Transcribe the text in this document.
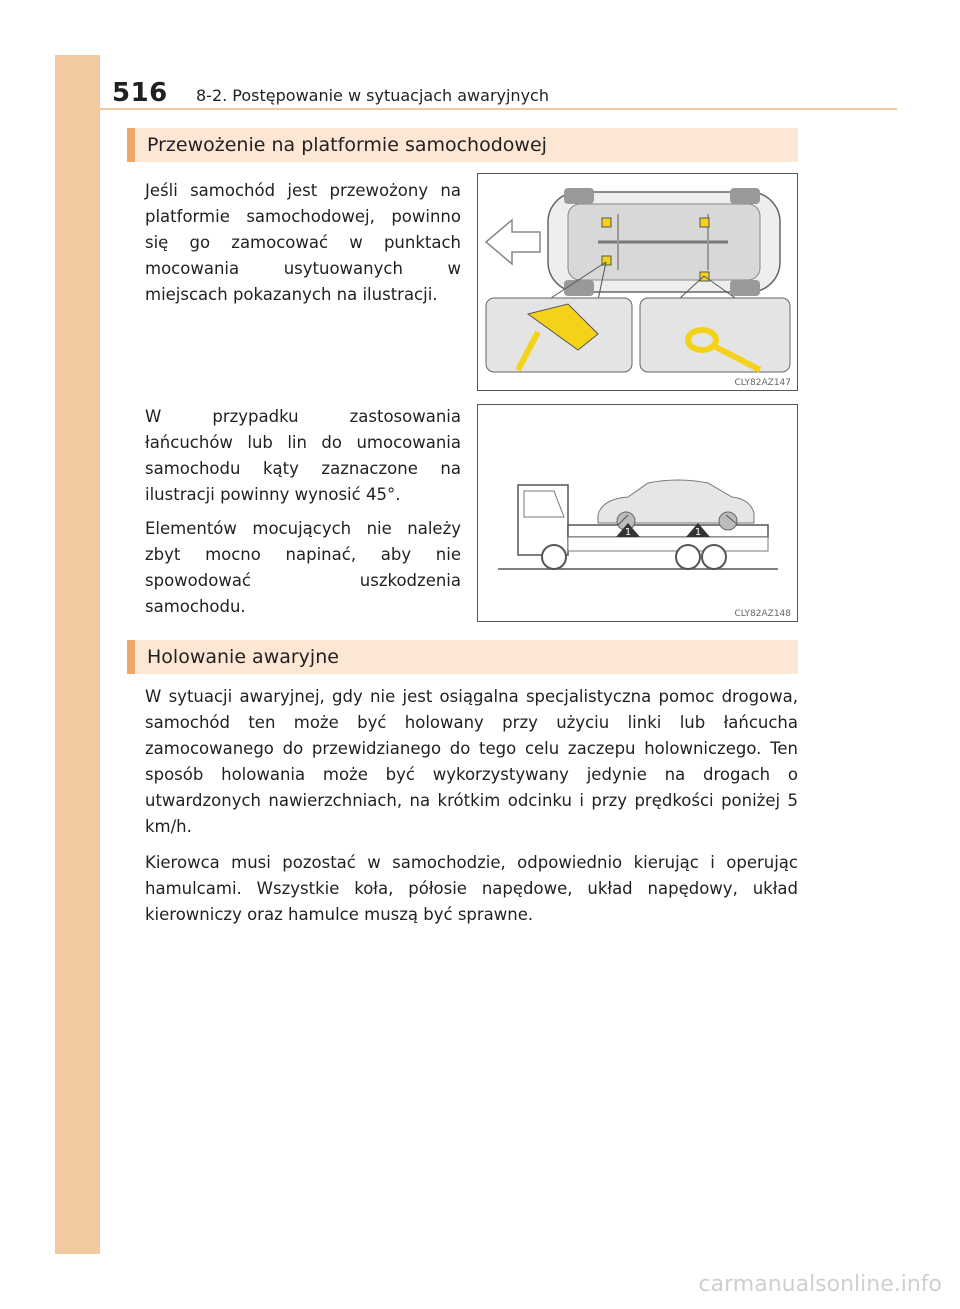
516 8-2. Postępowanie w sytuacjach awaryjnych
Przewożenie na platformie samochodowej

Jeśli samochód jest przewożony na platformie samochodowej, powinno się go zamocować w punktach mocowania usytuowanych w miejscach pokazanych na ilustracji.

W przypadku zastosowania łańcuchów lub lin do umocowania samochodu kąty zaznaczone na ilustracji powinny wynosić 45°.

Elementów mocujących nie należy zbyt mocno napinać, aby nie spowodować uszkodzenia samochodu.

CLY82AZ147
1	1
CLY82AZ148
Holowanie awaryjne

W sytuacji awaryjnej, gdy nie jest osiągalna specjalistyczna pomoc drogowa, samochód ten może być holowany przy użyciu linki lub łańcucha zamocowanego do przewidzianego do tego celu zaczepu holowniczego. Ten sposób holowania może być wykorzystywany jedynie na drogach o utwardzonych nawierzchniach, na krótkim odcinku i przy prędkości poniżej 5 km/h.

Kierowca musi pozostać w samochodzie, odpowiednio kierując i operując hamulcami. Wszystkie koła, półosie napędowe, układ napędowy, układ kierowniczy oraz hamulce muszą być sprawne.

carmanualsonline.info
